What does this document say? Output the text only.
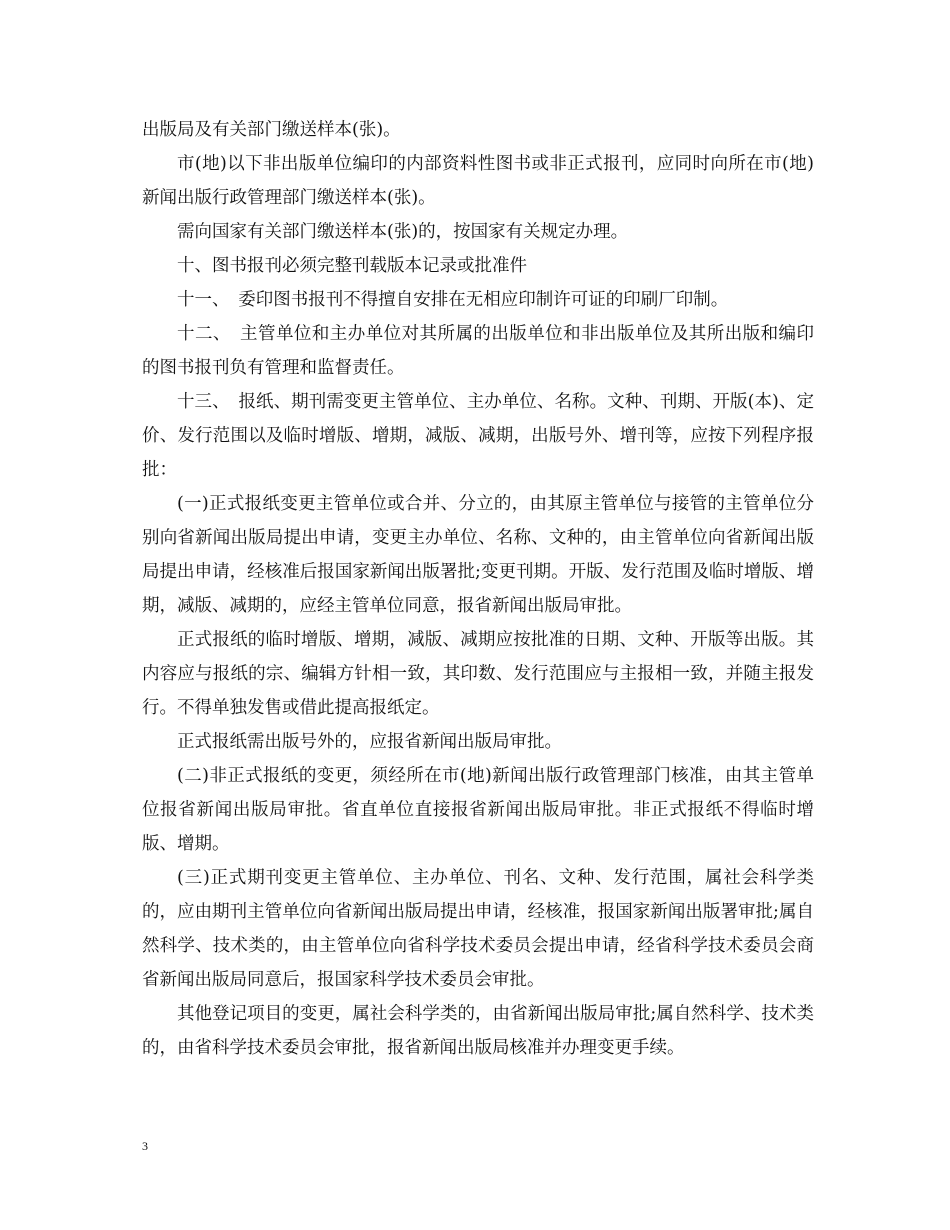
出版局及有关部门缴送样本(张)。

市(地)以下非出版单位编印的内部资料性图书或非正式报刊，应同时向所在市(地)新闻出版行政管理部门缴送样本(张)。

需向国家有关部门缴送样本(张)的，按国家有关规定办理。

十、图书报刊必须完整刊载版本记录或批准件

十一、　委印图书报刊不得擅自安排在无相应印制许可证的印刷厂印制。

十二、　主管单位和主办单位对其所属的出版单位和非出版单位及其所出版和编印的图书报刊负有管理和监督责任。

十三、　报纸、期刊需变更主管单位、主办单位、名称。文种、刊期、开版(本)、定价、发行范围以及临时增版、增期，减版、减期，出版号外、增刊等，应按下列程序报批：

(一)正式报纸变更主管单位或合并、分立的，由其原主管单位与接管的主管单位分别向省新闻出版局提出申请，变更主办单位、名称、文种的，由主管单位向省新闻出版局提出申请，经核准后报国家新闻出版署批;变更刊期。开版、发行范围及临时增版、增期，减版、减期的，应经主管单位同意，报省新闻出版局审批。

正式报纸的临时增版、增期，减版、减期应按批准的日期、文种、开版等出版。其内容应与报纸的宗、编辑方针相一致，其印数、发行范围应与主报相一致，并随主报发行。不得单独发售或借此提高报纸定。

正式报纸需出版号外的，应报省新闻出版局审批。

(二)非正式报纸的变更，须经所在市(地)新闻出版行政管理部门核准，由其主管单位报省新闻出版局审批。省直单位直接报省新闻出版局审批。非正式报纸不得临时增版、增期。

(三)正式期刊变更主管单位、主办单位、刊名、文种、发行范围，属社会科学类的，应由期刊主管单位向省新闻出版局提出申请，经核准，报国家新闻出版署审批;属自然科学、技术类的，由主管单位向省科学技术委员会提出申请，经省科学技术委员会商省新闻出版局同意后，报国家科学技术委员会审批。

其他登记项目的变更，属社会科学类的，由省新闻出版局审批;属自然科学、技术类的，由省科学技术委员会审批，报省新闻出版局核准并办理变更手续。

3
